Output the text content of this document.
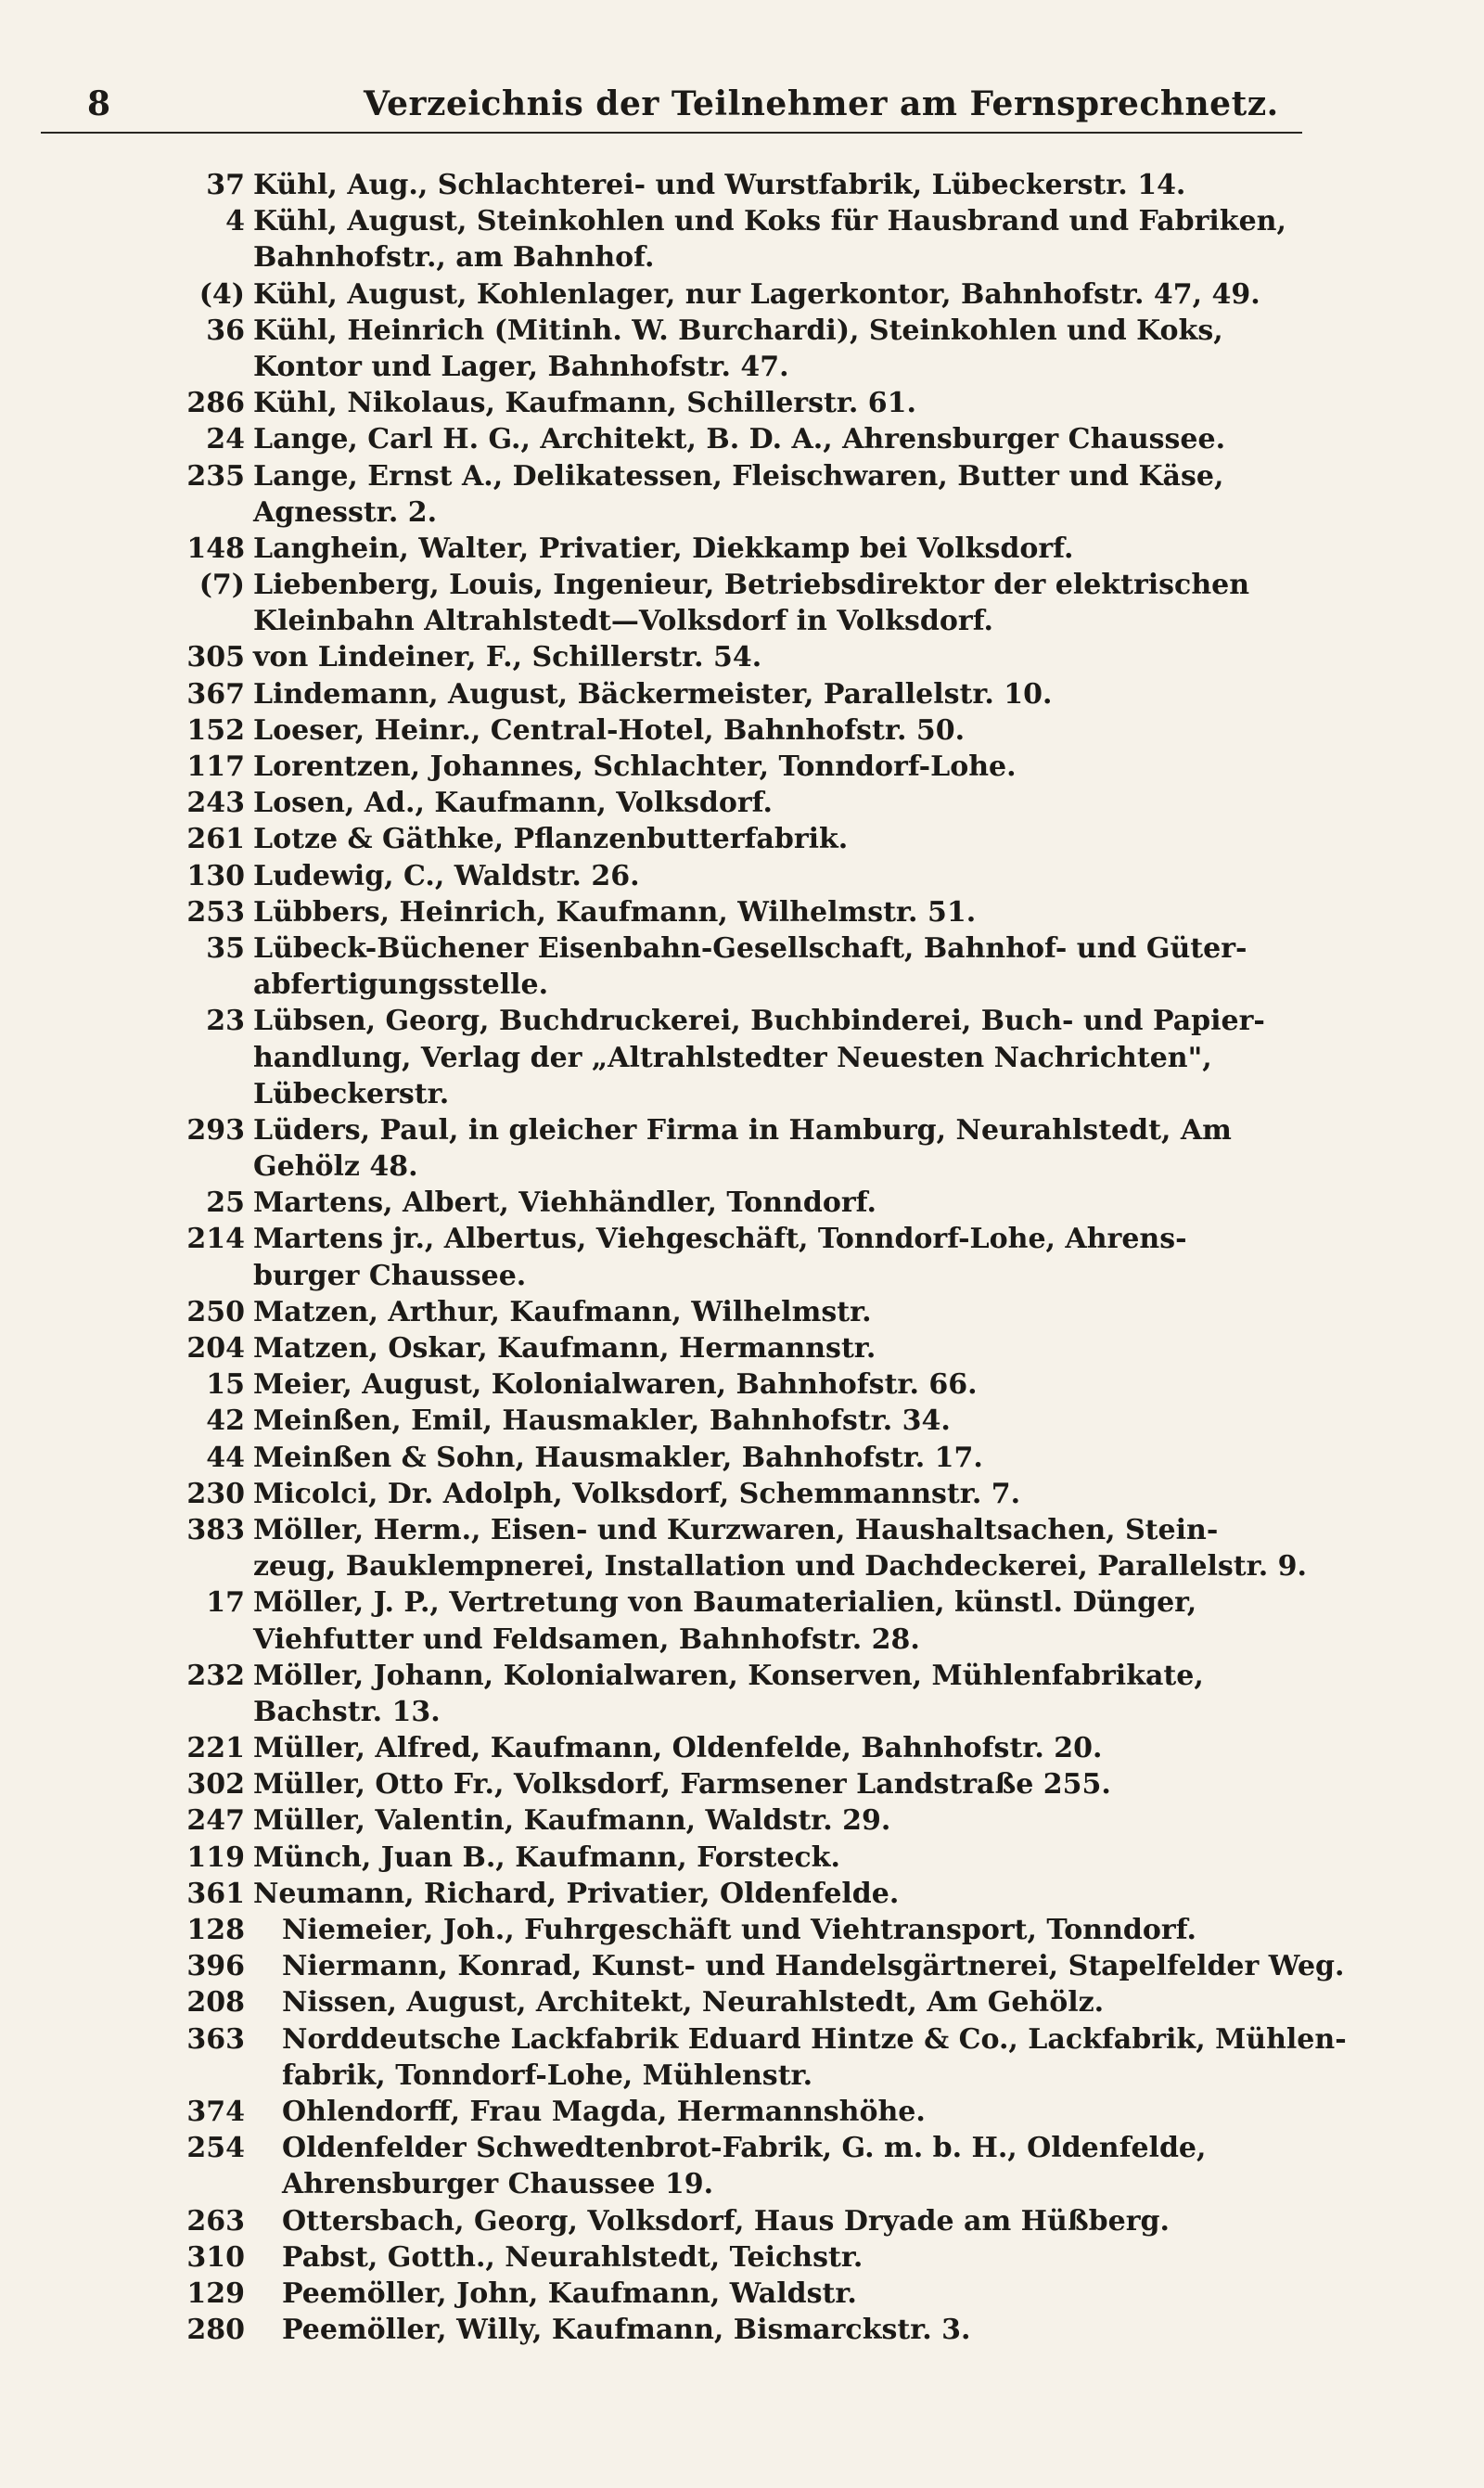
8	Verzeichnis der Teilnehmer am Fernsprechnetz.
37 Kühl, Aug., Schlachterei- und Wurstfabrik, Lübeckerstr. 14.
4 Kühl, August, Steinkohlen und Koks für Hausbrand und Fabriken,
Bahnhofstr., am Bahnhof.
(4) Kühl, August, Kohlenlager, nur Lagerkontor, Bahnhofstr. 47, 49.
36 Kühl, Heinrich (Mitinh. W. Burchardi), Steinkohlen und Koks,
Kontor und Lager, Bahnhofstr. 47.
286 Kühl, Nikolaus, Kaufmann, Schillerstr. 61.
24 Lange, Carl H. G., Architekt, B. D. A., Ahrensburger Chaussee.
235 Lange, Ernst A., Delikatessen, Fleischwaren, Butter und Käse,
Agnesstr. 2.
148 Langhein, Walter, Privatier, Diekkamp bei Volksdorf.
(7) Liebenberg, Louis, Ingenieur, Betriebsdirektor der elektrischen
Kleinbahn Altrahlstedt—Volksdorf in Volksdorf.
305 von Lindeiner, F., Schillerstr. 54.
367 Lindemann, August, Bäckermeister, Parallelstr. 10.
152 Loeser, Heinr., Central-Hotel, Bahnhofstr. 50.
117 Lorentzen, Johannes, Schlachter, Tonndorf-Lohe.
243 Losen, Ad., Kaufmann, Volksdorf.
261 Lotze & Gäthke, Pflanzenbutterfabrik.
130 Ludewig, C., Waldstr. 26.
253 Lübbers, Heinrich, Kaufmann, Wilhelmstr. 51.
35 Lübeck-Büchener Eisenbahn-Gesellschaft, Bahnhof- und Güter-
abfertigungsstelle.
23 Lübsen, Georg, Buchdruckerei, Buchbinderei, Buch- und Papier-
handlung, Verlag der „Altrahlstedter Neuesten Nachrichten",
Lübeckerstr.
293 Lüders, Paul, in gleicher Firma in Hamburg, Neurahlstedt, Am
Gehölz 48.
25 Martens, Albert, Viehhändler, Tonndorf.
214 Martens jr., Albertus, Viehgeschäft, Tonndorf-Lohe, Ahrens-
burger Chaussee.
250 Matzen, Arthur, Kaufmann, Wilhelmstr.
204 Matzen, Oskar, Kaufmann, Hermannstr.
15 Meier, August, Kolonialwaren, Bahnhofstr. 66.
42 Meinßen, Emil, Hausmakler, Bahnhofstr. 34.
44 Meinßen & Sohn, Hausmakler, Bahnhofstr. 17.
230 Micolci, Dr. Adolph, Volksdorf, Schemmannstr. 7.
383 Möller, Herm., Eisen- und Kurzwaren, Haushaltsachen, Stein-
zeug, Bauklempnerei, Installation und Dachdeckerei, Parallelstr. 9.
17 Möller, J. P., Vertretung von Baumaterialien, künstl. Dünger,
Viehfutter und Feldsamen, Bahnhofstr. 28.
232 Möller, Johann, Kolonialwaren, Konserven, Mühlenfabrikate,
Bachstr. 13.
221 Müller, Alfred, Kaufmann, Oldenfelde, Bahnhofstr. 20.
302 Müller, Otto Fr., Volksdorf, Farmsener Landstraße 255.
247 Müller, Valentin, Kaufmann, Waldstr. 29.
119 Münch, Juan B., Kaufmann, Forsteck.
361 Neumann, Richard, Privatier, Oldenfelde.
128 Niemeier, Joh., Fuhrgeschäft und Viehtransport, Tonndorf.
396 Niermann, Konrad, Kunst- und Handelsgärtnerei, Stapelfelder Weg.
208 Nissen, August, Architekt, Neurahlstedt, Am Gehölz.
363 Norddeutsche Lackfabrik Eduard Hintze & Co., Lackfabrik, Mühlen-
fabrik, Tonndorf-Lohe, Mühlenstr.
374 Ohlendorff, Frau Magda, Hermannshöhe.
254 Oldenfelder Schwedtenbrot-Fabrik, G. m. b. H., Oldenfelde,
Ahrensburger Chaussee 19.
263 Ottersbach, Georg, Volksdorf, Haus Dryade am Hüßberg.
310 Pabst, Gotth., Neurahlstedt, Teichstr.
129 Peemöller, John, Kaufmann, Waldstr.
280 Peemöller, Willy, Kaufmann, Bismarckstr. 3.
